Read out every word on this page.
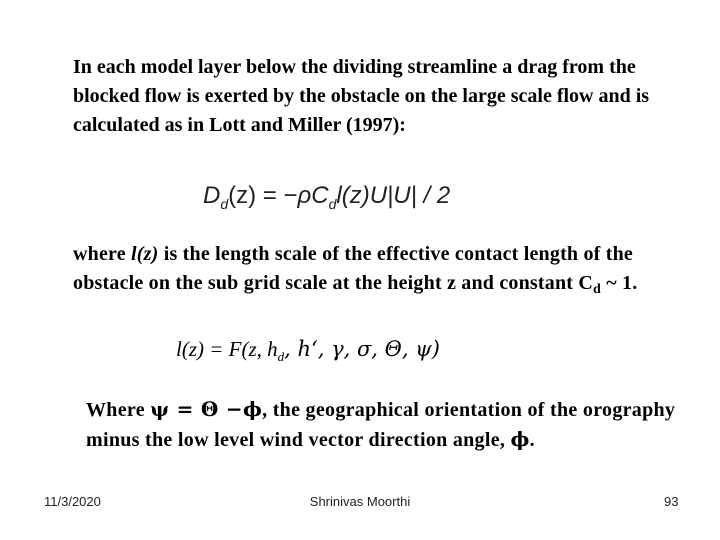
In each model layer below the dividing streamline a drag from the blocked flow is exerted by the obstacle on the large scale flow and is calculated as in Lott and Miller (1997):

$D_d(z) = -\rho C_dl(z)U|U| / 2$

where l(z) is the length scale of the effective contact length of the obstacle on the sub grid scale at the height z and constant $C_d$ ~ 1.

l(z) = F(z, $h_d$, h‘, γ, σ, Θ, ψ)

Where ψ = Θ −ϕ, the geographical orientation of the orography minus the low level wind vector direction angle, ϕ.

11/3/2020	Shrinivas Moorthi	93
